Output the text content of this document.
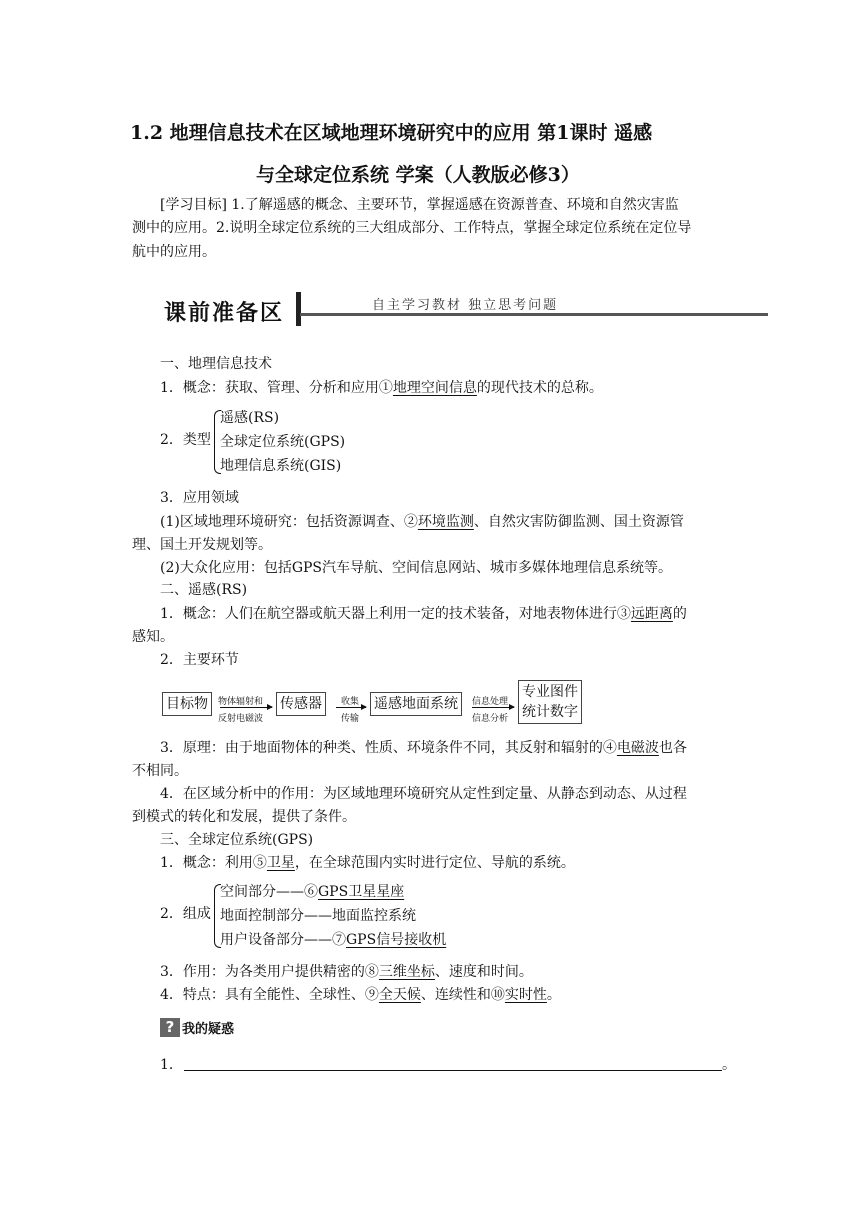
1.2 地理信息技术在区域地理环境研究中的应用 第1课时 遥感
与全球定位系统 学案（人教版必修3）
[学习目标] 1.了解遥感的概念、主要环节，掌握遥感在资源普查、环境和自然灾害监
测中的应用。2.说明全球定位系统的三大组成部分、工作特点，掌握全球定位系统在定位导
航中的应用。
课前准备区	自主学习教材 独立思考问题
一、地理信息技术
1．概念：获取、管理、分析和应用①地理空间信息的现代技术的总称。
2．类型
遥感(RS)
全球定位系统(GPS)
地理信息系统(GIS)
3．应用领域
(1)区域地理环境研究：包括资源调查、②环境监测、自然灾害防御监测、国土资源管
理、国土开发规划等。
(2)大众化应用：包括GPS汽车导航、空间信息网站、城市多媒体地理信息系统等。
二、遥感(RS)
1．概念：人们在航空器或航天器上利用一定的技术装备，对地表物体进行③远距离的
感知。
2．主要环节
目标物	物体辐射和
反射电磁波
传感器	收集
传输
遥感地面系统	信息处理
信息分析
专业图件
统计数字
3．原理：由于地面物体的种类、性质、环境条件不同，其反射和辐射的④电磁波也各
不相同。
4．在区域分析中的作用：为区域地理环境研究从定性到定量、从静态到动态、从过程
到模式的转化和发展，提供了条件。
三、全球定位系统(GPS)
1．概念：利用⑤卫星，在全球范围内实时进行定位、导航的系统。
2．组成
空间部分——⑥GPS卫星星座
地面控制部分——地面监控系统
用户设备部分——⑦GPS信号接收机
3．作用：为各类用户提供精密的⑧三维坐标、速度和时间。
4．特点：具有全能性、全球性、⑨全天候、连续性和⑩实时性。
? 我的疑惑
1．	。
